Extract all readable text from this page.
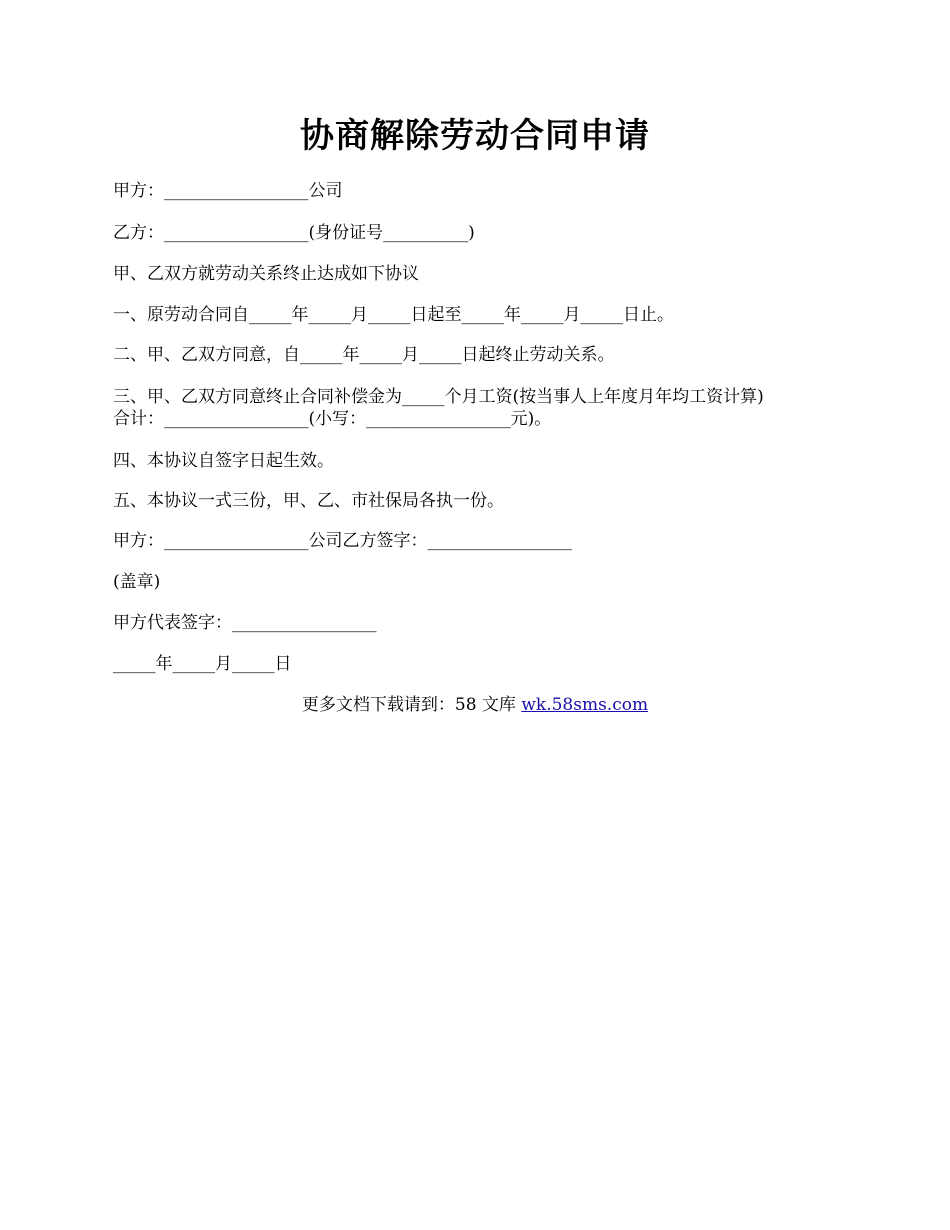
协商解除劳动合同申请
甲方：_________________公司
乙方：_________________(身份证号__________)
甲、乙双方就劳动关系终止达成如下协议
一、原劳动合同自_____年_____月_____日起至_____年_____月_____日止。
二、甲、乙双方同意，自_____年_____月_____日起终止劳动关系。
三、甲、乙双方同意终止合同补偿金为_____个月工资(按当事人上年度月年均工资计算)
合计：_________________(小写：_________________元)。
四、本协议自签字日起生效。
五、本协议一式三份，甲、乙、市社保局各执一份。
甲方：_________________公司乙方签字：_________________
(盖章)
甲方代表签字：_________________
_____年_____月_____日
更多文档下载请到：58 文库 wk.58sms.com
